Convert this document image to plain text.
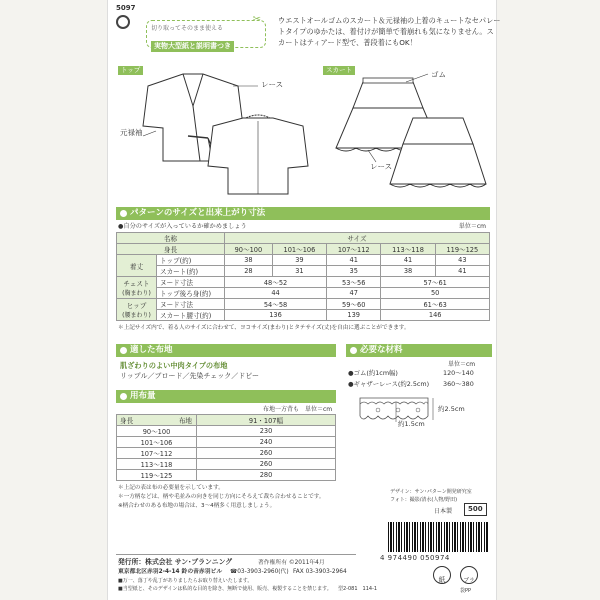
5097
✂
切り取ってそのまま使える
実物大型紙と説明書つき
ウエストオールゴムのスカート＆元禄袖の上着のキュートなセパレー
トタイプのゆかたは、着付けが簡単で着崩れも気になりません。ス
カートはティアード型で、普段着にもOK！
トップ	スカート
レース
元禄袖
ゴム
レース
パターンのサイズと出来上がり寸法
単位＝cm
●自分のサイズが入っているか確かめましょう
名称		サイズ				
身長		90〜100	101〜106	107〜112	113〜118	119〜125
着丈	トップ(約)	38	39	41	41	43
	スカート(約)	28	31	35	38	41
チェスト
(胸まわり)	ヌード寸法	48〜52		53〜56	57〜61	
	トップ後ろ身(約)	44		47	50	
ヒップ
(腰まわり)	ヌード寸法	54〜58		59〜60	61〜63	
	スカート腰寸(約)	136		139	146	
＊上記サイズ内で、着る人のサイズに合わせて、ヨコサイズ(まわり)とタテサイズ(丈)を自由に選ぶことができます。
適した布地
肌ざわりのよい中肉タイプの布地
リップル／ブロード／先染チェック／ドビー
必要な材料
単位＝cm
●ゴム(約1cm幅)	120〜140
●ギャザーレース(約2.5cm) 360〜380
約2.5cm
約1.5cm
用布量
布地一方背も　単位＝cm
身長 布地	91・107幅
90〜100	230
101〜106	240
107〜112	260
113〜118	260
119〜125	280
＊上記の表は布の必要量を示しています。
＊一方柄などは、柄や毛並みの向きを同じ方向にそろえて裁ち合わせることです。
※柄合わせのある布地の場合は、3〜4柄多く用意しましょう。
デザイン：サン･パターン開発研究室
フォト：撮影/清水(人物/野田)
日本製	500
4 974490 050974
発行所：株式会社 サン･プランニング	著作権所有 ©2011年4月
東京都北区赤羽2-4-14 鈴の音赤羽ビル ☎03-3903-2960(代) FAX 03-3903-2964
■万一、落丁や乱丁がありましたらお取り替えいたします。
■当型紙と、そのデザインは私的な目的を除き、無断で使用、販売、複製することを禁じます。 型2-081　114-1
紙	プラ
袋PP
